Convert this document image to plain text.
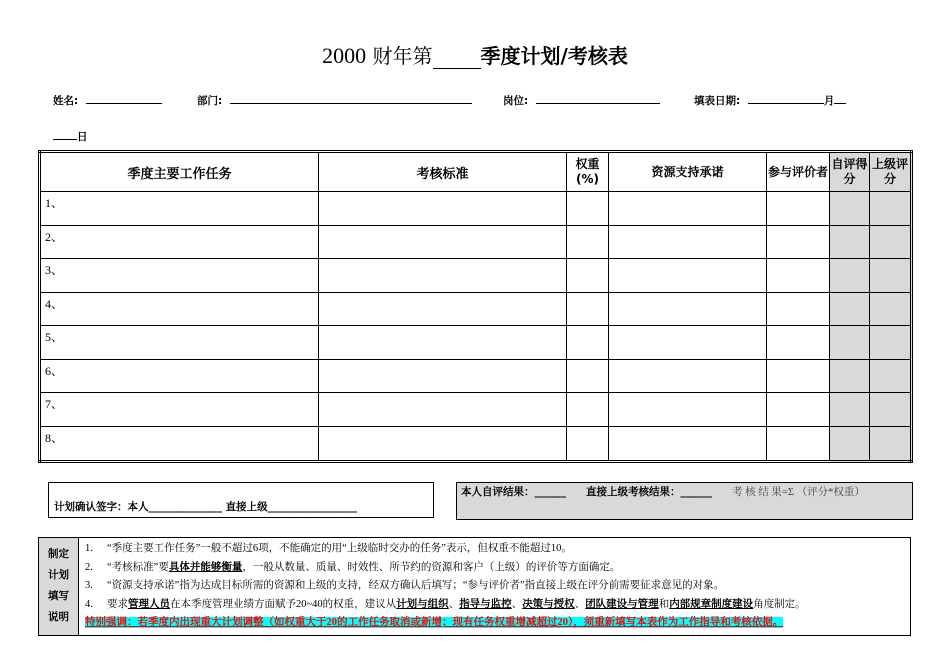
2000 财年第 季度计划/考核表
姓名:	部门:	岗位:	填表日期:	月
日
季度主要工作任务	考核标准	权重(%)	资源支持承诺	参与评价者	自评得分	上级评分
1、						
2、						
3、						
4、						
5、						
6、						
7、						
8、						
计划确认签字：本人______________ 直接上级_________________
本人自评结果：______ 直接上级考核结果：______ 考 核 结 果=Σ （评分*权重）
制定
计划
填写
说明

1. “季度主要工作任务”一般不超过6项，不能确定的用“上级临时交办的任务”表示，但权重不能超过10。
2. “考核标准”要具体并能够衡量，一般从数量、质量、时效性、所节约的资源和客户（上级）的评价等方面确定。
3. “资源支持承诺”指为达成目标所需的资源和上级的支持，经双方确认后填写；“参与评价者”指直接上级在评分前需要征求意见的对象。
4. 要求管理人员在本季度管理业绩方面赋予20~40的权重，建议从计划与组织、指导与监控、决策与授权、团队建设与管理和内部规章制度建设角度制定。
特别强调：若季度内出现重大计划调整（如权重大于20的工作任务取消或新增；现有任务权重增减超过20），须重新填写本表作为工作指导和考核依据。
